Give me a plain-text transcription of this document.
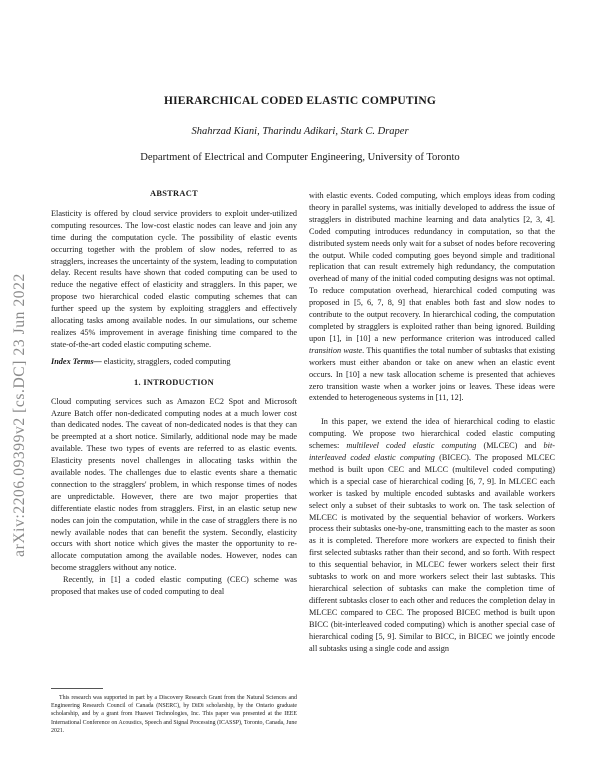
HIERARCHICAL CODED ELASTIC COMPUTING
Shahrzad Kiani, Tharindu Adikari, Stark C. Draper
Department of Electrical and Computer Engineering, University of Toronto
arXiv:2206.09399v2 [cs.DC] 23 Jun 2022
ABSTRACT

Elasticity is offered by cloud service providers to exploit under-utilized computing resources. The low-cost elastic nodes can leave and join any time during the computation cycle. The possibility of elastic events occurring together with the problem of slow nodes, referred to as stragglers, increases the uncertainty of the system, leading to computation delay. Recent results have shown that coded computing can be used to reduce the negative effect of elasticity and stragglers. In this paper, we propose two hierarchical coded elastic computing schemes that can further speed up the system by exploiting stragglers and effectively allocating tasks among available nodes. In our simulations, our scheme realizes 45% improvement in average finishing time compared to the state-of-the-art coded elastic computing scheme.

Index Terms— elasticity, stragglers, coded computing

1. INTRODUCTION

Cloud computing services such as Amazon EC2 Spot and Microsoft Azure Batch offer non-dedicated computing nodes at a much lower cost than dedicated nodes. The caveat of non-dedicated nodes is that they can be preempted at a short notice. Similarly, additional node may be made available. These two types of events are referred to as elastic events. Elasticity presents novel challenges in allocating tasks within the available nodes. The challenges due to elastic events share a thematic connection to the stragglers' problem, in which response times of nodes are unpredictable. However, there are two major properties that differentiate elastic nodes from stragglers. First, in an elastic setup new nodes can join the computation, while in the case of stragglers there is no newly available nodes that can benefit the system. Secondly, elasticity occurs with short notice which gives the master the opportunity to re-allocate computation among the available nodes. However, nodes can become stragglers without any notice.

Recently, in [1] a coded elastic computing (CEC) scheme was proposed that makes use of coded computing to deal

with elastic events. Coded computing, which employs ideas from coding theory in parallel systems, was initially developed to address the issue of stragglers in distributed machine learning and data analytics [2, 3, 4]. Coded computing introduces redundancy in computation, so that the distributed system needs only wait for a subset of nodes before recovering the output. While coded computing goes beyond simple and traditional replication that can result extremely high redundancy, the computation overhead of many of the initial coded computing designs was not optimal. To reduce computation overhead, hierarchical coded computing was proposed in [5, 6, 7, 8, 9] that enables both fast and slow nodes to contribute to the output recovery. In hierarchical coding, the computation completed by stragglers is exploited rather than being ignored. Building upon [1], in [10] a new performance criterion was introduced called transition waste. This quantifies the total number of subtasks that existing workers must either abandon or take on anew when an elastic event occurs. In [10] a new task allocation scheme is presented that achieves zero transition waste when a worker joins or leaves. These ideas were extended to heterogeneous systems in [11, 12].

In this paper, we extend the idea of hierarchical coding to elastic computing. We propose two hierarchical coded elastic computing schemes: multilevel coded elastic computing (MLCEC) and bit-interleaved coded elastic computing (BICEC). The proposed MLCEC method is built upon CEC and MLCC (multilevel coded computing) which is a special case of hierarchical coding [6, 7, 9]. In MLCEC each worker is tasked by multiple encoded subtasks and available workers select only a subset of their subtasks to work on. The task selection of MLCEC is motivated by the sequential behavior of workers. Workers process their subtasks one-by-one, transmitting each to the master as soon as it is completed. Therefore more workers are expected to finish their first selected subtasks rather than their second, and so forth. With respect to this sequential behavior, in MLCEC fewer workers select their first subtasks to work on and more workers select their last subtasks. This hierarchical selection of subtasks can make the completion time of different subtasks closer to each other and reduces the completion delay in MLCEC compared to CEC. The proposed BICEC method is built upon BICC (bit-interleaved coded computing) which is another special case of hierarchical coding [5, 9]. Similar to BICC, in BICEC we jointly encode all subtasks using a single code and assign

This research was supported in part by a Discovery Research Grant from the Natural Sciences and Engineering Research Council of Canada (NSERC), by DiDi scholarship, by the Ontario graduate scholarship, and by a grant from Huawei Technologies, Inc. This paper was presented at the IEEE International Conference on Acoustics, Speech and Signal Processing (ICASSP), Toronto, Canada, June 2021.
